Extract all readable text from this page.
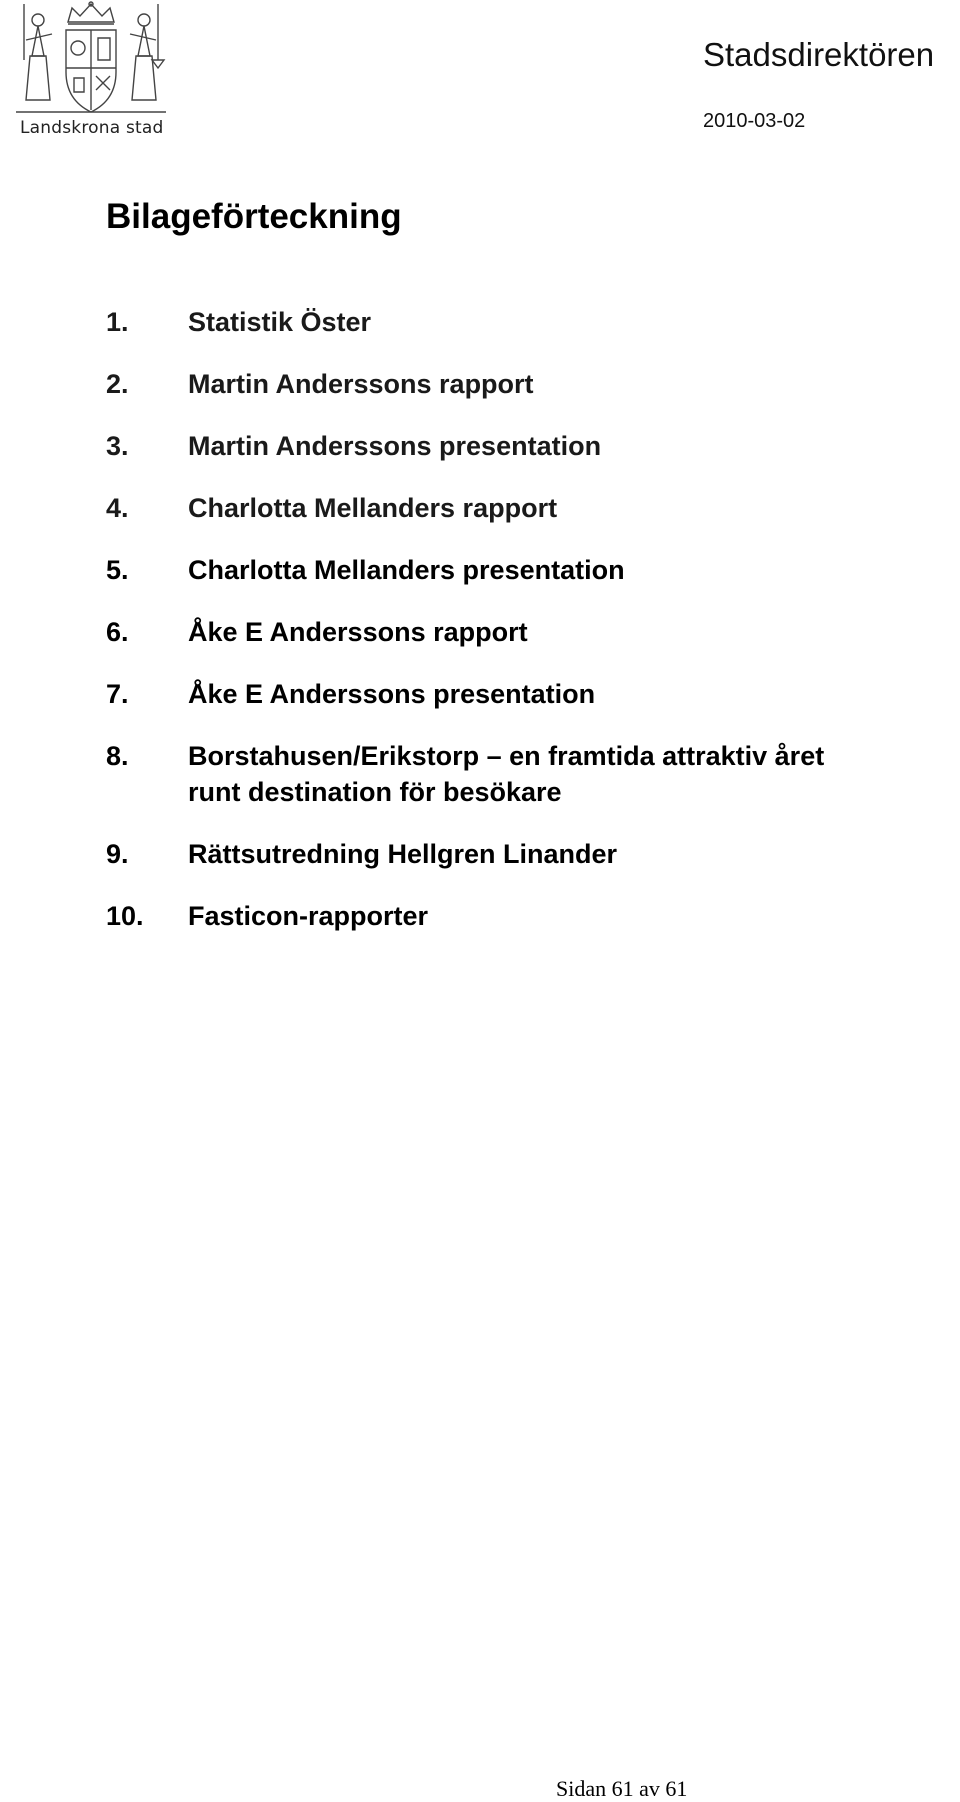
Landskrona stad
Stadsdirektören
2010-03-02
Bilageförteckning
1.	Statistik Öster
2.	Martin Anderssons rapport
3.	Martin Anderssons presentation
4.	Charlotta Mellanders rapport
5.	Charlotta Mellanders presentation
6.	Åke E Anderssons rapport
7.	Åke E Anderssons presentation
8.	Borstahusen/Erikstorp – en framtida attraktiv året runt destination för besökare
9.	Rättsutredning Hellgren Linander
10.	Fasticon-rapporter
Sidan 61 av 61
